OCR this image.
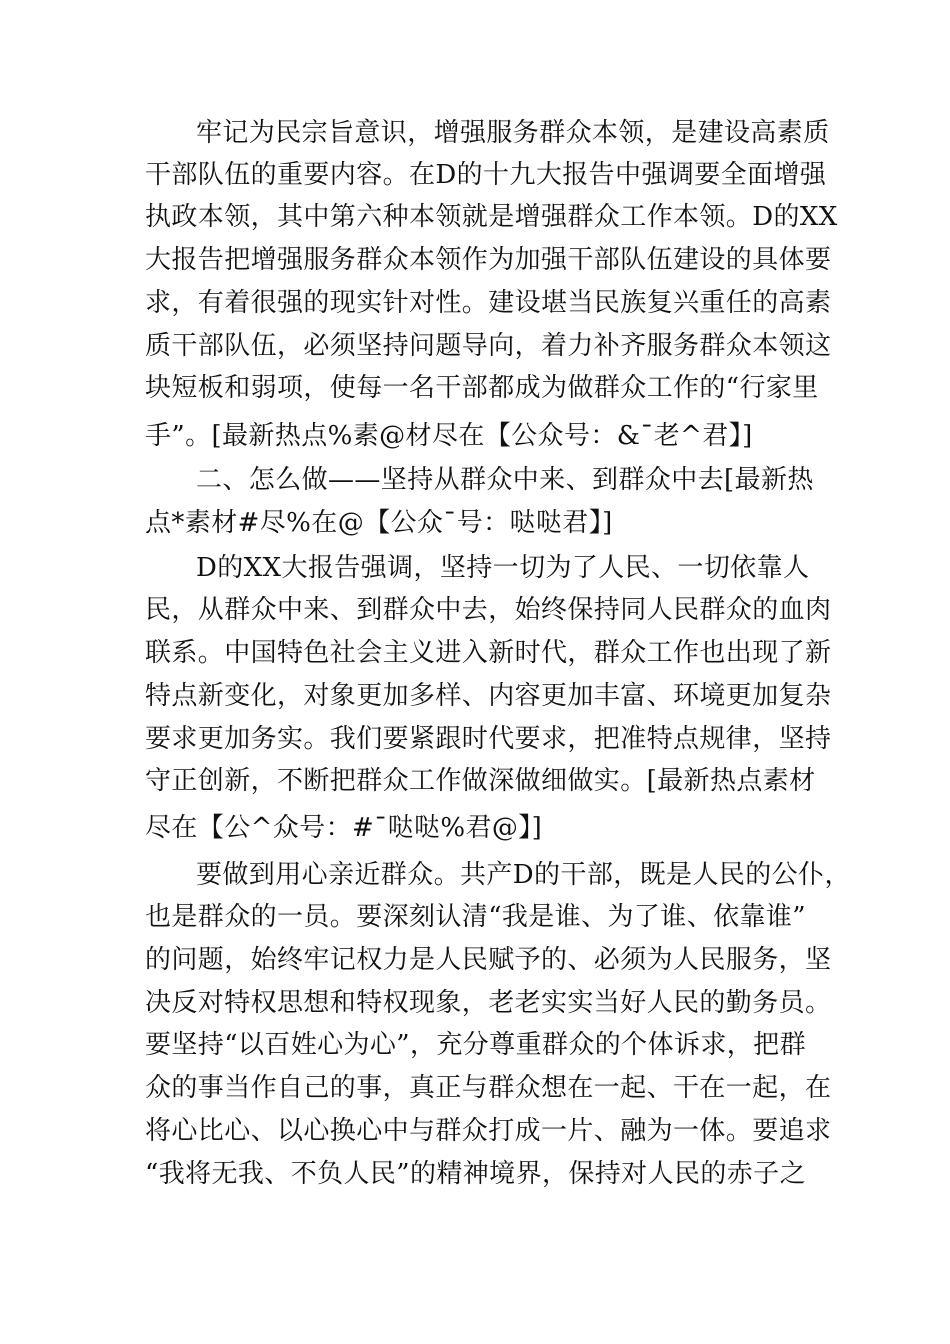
牢记为民宗旨意识，增强服务群众本领，是建设高素质
干部队伍的重要内容。在D的十九大报告中强调要全面增强
执政本领，其中第六种本领就是增强群众工作本领。D的XX
大报告把增强服务群众本领作为加强干部队伍建设的具体要
求，有着很强的现实针对性。建设堪当民族复兴重任的高素
质干部队伍，必须坚持问题导向，着力补齐服务群众本领这
块短板和弱项，使每一名干部都成为做群众工作的“行家里
手”。[最新热点%素@材尽在【公众号：&¯老^君】]
二、怎么做——坚持从群众中来、到群众中去[最新热
点*素材#尽%在@【公众¯号：哒哒君】]
D的XX大报告强调，坚持一切为了人民、一切依靠人
民，从群众中来、到群众中去，始终保持同人民群众的血肉
联系。中国特色社会主义进入新时代，群众工作也出现了新
特点新变化，对象更加多样、内容更加丰富、环境更加复杂
要求更加务实。我们要紧跟时代要求，把准特点规律，坚持
守正创新，不断把群众工作做深做细做实。[最新热点素材
尽在【公^众号：#¯哒哒%君@】]
要做到用心亲近群众。共产D的干部，既是人民的公仆，
也是群众的一员。要深刻认清“我是谁、为了谁、依靠谁”
的问题，始终牢记权力是人民赋予的、必须为人民服务，坚
决反对特权思想和特权现象，老老实实当好人民的勤务员。
要坚持“以百姓心为心”，充分尊重群众的个体诉求，把群
众的事当作自己的事，真正与群众想在一起、干在一起，在
将心比心、以心换心中与群众打成一片、融为一体。要追求
“我将无我、不负人民”的精神境界，保持对人民的赤子之
